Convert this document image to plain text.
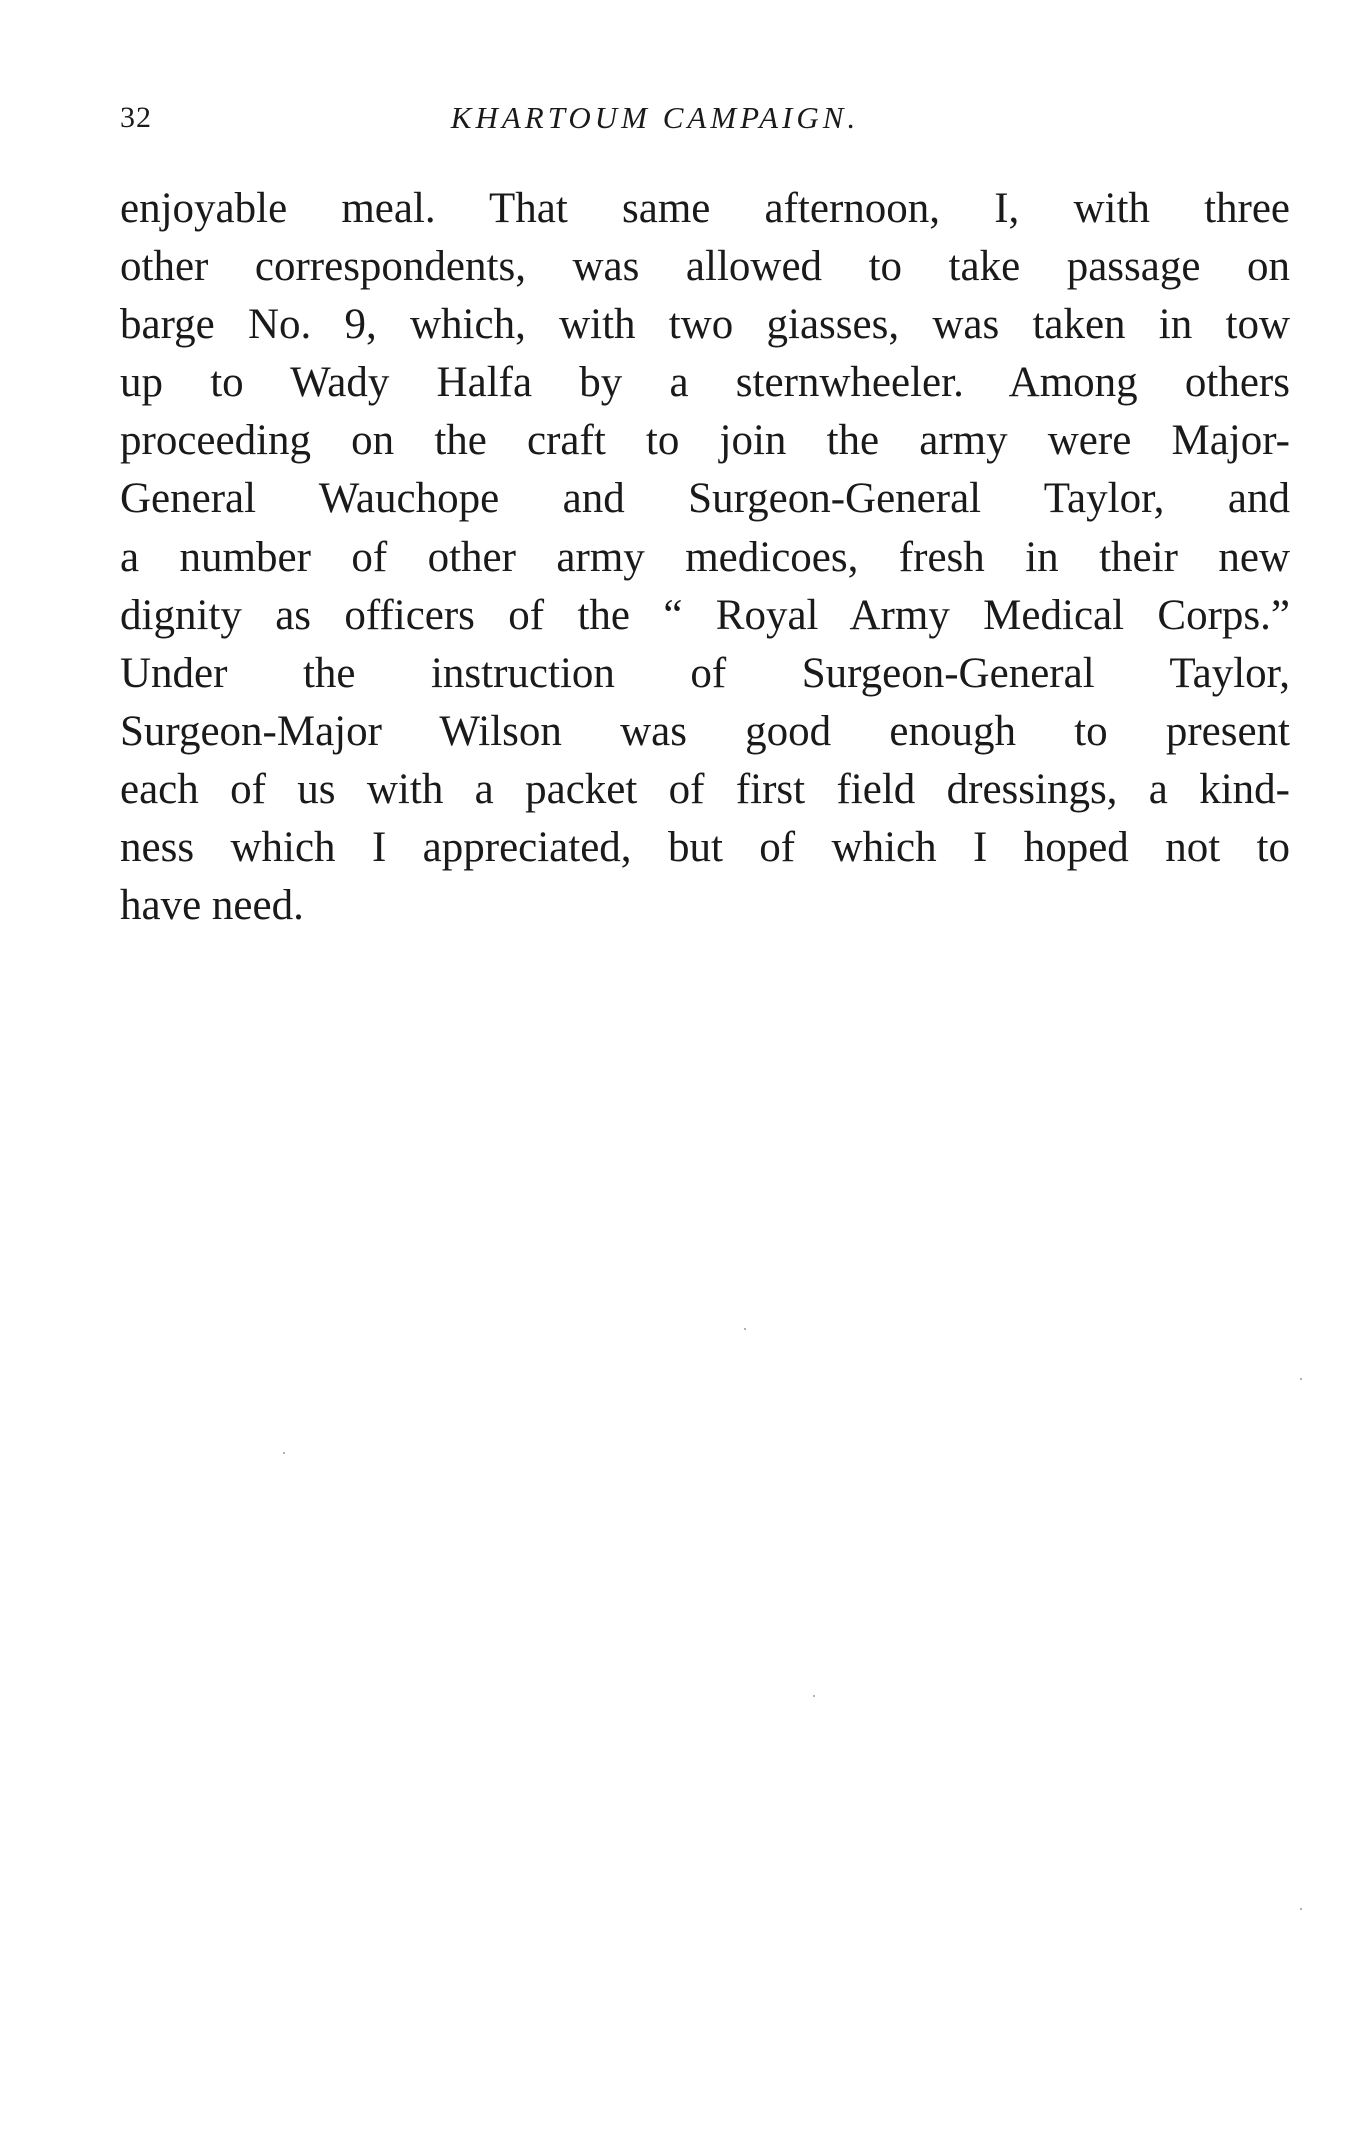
32	KHARTOUM CAMPAIGN.
enjoyable meal. That same afternoon, I, with three
other correspondents, was allowed to take passage on
barge No. 9, which, with two giasses, was taken in tow
up to Wady Halfa by a sternwheeler. Among others
proceeding on the craft to join the army were Major-
General Wauchope and Surgeon-General Taylor, and
a number of other army medicoes, fresh in their new
dignity as officers of the “ Royal Army Medical Corps.”
Under the instruction of Surgeon-General Taylor,
Surgeon-Major Wilson was good enough to present
each of us with a packet of first field dressings, a kind-
ness which I appreciated, but of which I hoped not to
have need.
